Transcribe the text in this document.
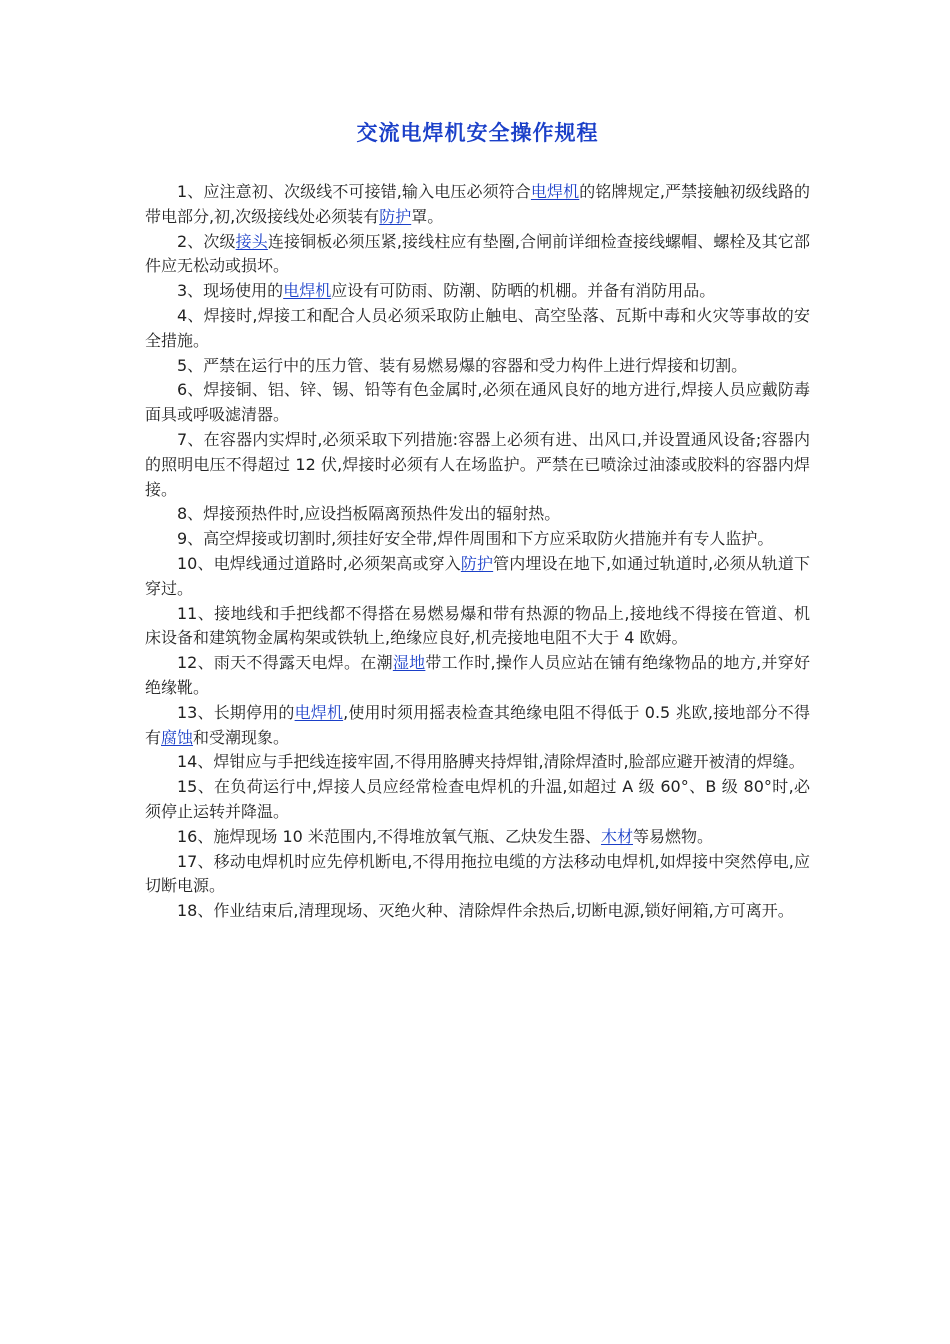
交流电焊机安全操作规程

1、应注意初、次级线不可接错,输入电压必须符合电焊机的铭牌规定,严禁接触初级线路的带电部分,初,次级接线处必须装有防护罩。

2、次级接头连接铜板必须压紧,接线柱应有垫圈,合闸前详细检查接线螺帽、螺栓及其它部件应无松动或损坏。

3、现场使用的电焊机应设有可防雨、防潮、防晒的机棚。并备有消防用品。

4、焊接时,焊接工和配合人员必须采取防止触电、高空坠落、瓦斯中毒和火灾等事故的安全措施。

5、严禁在运行中的压力管、装有易燃易爆的容器和受力构件上进行焊接和切割。

6、焊接铜、铝、锌、锡、铅等有色金属时,必须在通风良好的地方进行,焊接人员应戴防毒面具或呼吸滤清器。

7、在容器内实焊时,必须采取下列措施:容器上必须有进、出风口,并设置通风设备;容器内的照明电压不得超过 12 伏,焊接时必须有人在场监护。严禁在已喷涂过油漆或胶料的容器内焊接。

8、焊接预热件时,应设挡板隔离预热件发出的辐射热。

9、高空焊接或切割时,须挂好安全带,焊件周围和下方应采取防火措施并有专人监护。

10、电焊线通过道路时,必须架高或穿入防护管内埋设在地下,如通过轨道时,必须从轨道下穿过。

11、接地线和手把线都不得搭在易燃易爆和带有热源的物品上,接地线不得接在管道、机床设备和建筑物金属构架或铁轨上,绝缘应良好,机壳接地电阻不大于 4 欧姆。

12、雨天不得露天电焊。在潮湿地带工作时,操作人员应站在铺有绝缘物品的地方,并穿好绝缘靴。

13、长期停用的电焊机,使用时须用摇表检查其绝缘电阻不得低于 0.5 兆欧,接地部分不得有腐蚀和受潮现象。

14、焊钳应与手把线连接牢固,不得用胳膊夹持焊钳,清除焊渣时,脸部应避开被清的焊缝。

15、在负荷运行中,焊接人员应经常检查电焊机的升温,如超过 A 级 60°、B 级 80°时,必须停止运转并降温。

16、施焊现场 10 米范围内,不得堆放氧气瓶、乙炔发生器、木材等易燃物。

17、移动电焊机时应先停机断电,不得用拖拉电缆的方法移动电焊机,如焊接中突然停电,应切断电源。

18、作业结束后,清理现场、灭绝火种、清除焊件余热后,切断电源,锁好闸箱,方可离开。
